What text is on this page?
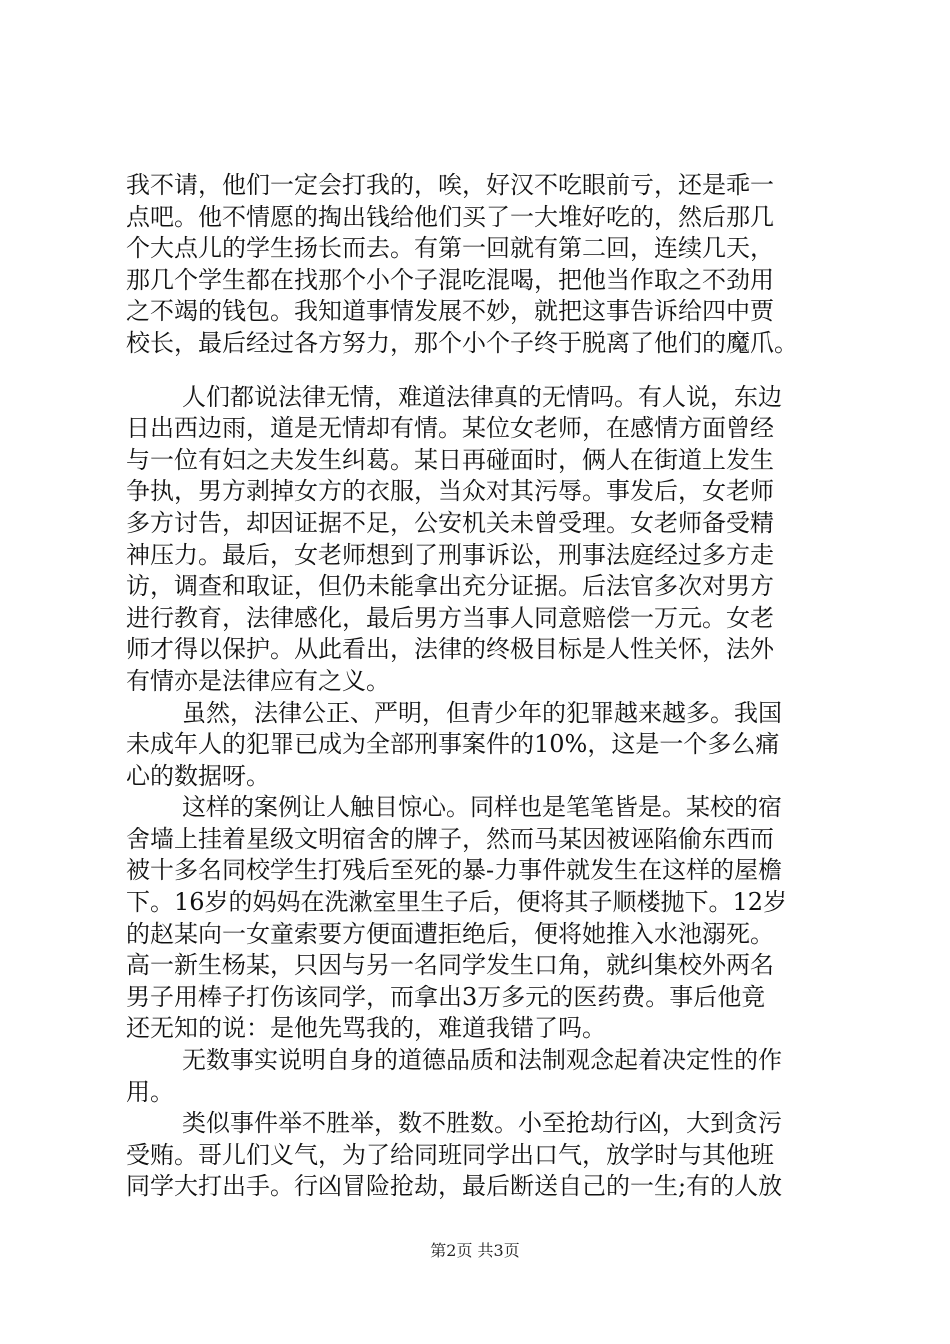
我不请，他们一定会打我的，唉，好汉不吃眼前亏，还是乖一
点吧。他不情愿的掏出钱给他们买了一大堆好吃的，然后那几
个大点儿的学生扬长而去。有第一回就有第二回，连续几天，
那几个学生都在找那个小个子混吃混喝，把他当作取之不劲用
之不竭的钱包。我知道事情发展不妙，就把这事告诉给四中贾
校长，最后经过各方努力，那个小个子终于脱离了他们的魔爪。
人们都说法律无情，难道法律真的无情吗。有人说，东边
日出西边雨，道是无情却有情。某位女老师，在感情方面曾经
与一位有妇之夫发生纠葛。某日再碰面时，俩人在街道上发生
争执，男方剥掉女方的衣服，当众对其污辱。事发后，女老师
多方讨告，却因证据不足，公安机关未曾受理。女老师备受精
神压力。最后，女老师想到了刑事诉讼，刑事法庭经过多方走
访，调查和取证，但仍未能拿出充分证据。后法官多次对男方
进行教育，法律感化，最后男方当事人同意赔偿一万元。女老
师才得以保护。从此看出，法律的终极目标是人性关怀，法外
有情亦是法律应有之义。
虽然，法律公正、严明，但青少年的犯罪越来越多。我国
未成年人的犯罪已成为全部刑事案件的10%，这是一个多么痛
心的数据呀。
这样的案例让人触目惊心。同样也是笔笔皆是。某校的宿
舍墙上挂着星级文明宿舍的牌子，然而马某因被诬陷偷东西而
被十多名同校学生打残后至死的暴-力事件就发生在这样的屋檐
下。16岁的妈妈在洗漱室里生子后，便将其子顺楼抛下。12岁
的赵某向一女童索要方便面遭拒绝后，便将她推入水池溺死。
高一新生杨某，只因与另一名同学发生口角，就纠集校外两名
男子用棒子打伤该同学，而拿出3万多元的医药费。事后他竟
还无知的说：是他先骂我的，难道我错了吗。
无数事实说明自身的道德品质和法制观念起着决定性的作
用。
类似事件举不胜举，数不胜数。小至抢劫行凶，大到贪污
受贿。哥儿们义气，为了给同班同学出口气，放学时与其他班
同学大打出手。行凶冒险抢劫，最后断送自己的一生;有的人放
第2页 共3页
